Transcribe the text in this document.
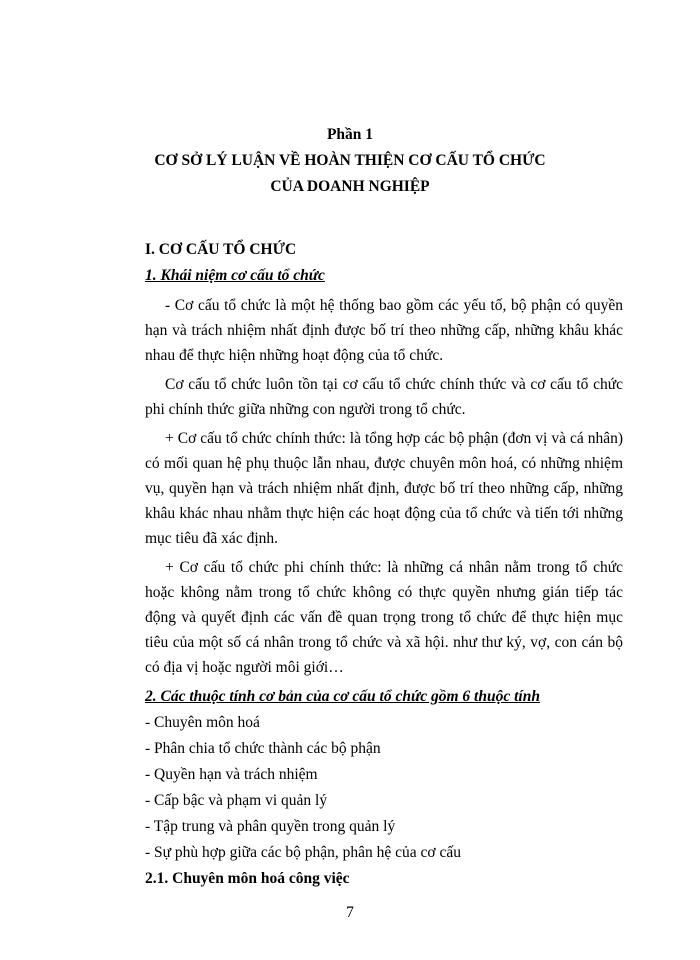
Phần 1
CƠ SỞ LÝ LUẬN VỀ HOÀN THIỆN CƠ CẤU TỔ CHỨC
CỦA DOANH NGHIỆP
I. CƠ CẤU TỔ CHỨC
1. Khái niệm cơ cấu tổ chức

- Cơ cấu tổ chức là một hệ thống bao gồm các yếu tố, bộ phận có quyền hạn và trách nhiệm nhất định được bố trí theo những cấp, những khâu khác nhau để thực hiện những hoạt động của tổ chức.

Cơ cấu tổ chức luôn tồn tại cơ cấu tổ chức chính thức và cơ cấu tổ chức phi chính thức giữa những con người trong tổ chức.

+ Cơ cấu tổ chức chính thức: là tổng hợp các bộ phận (đơn vị và cá nhân) có mối quan hệ phụ thuộc lẫn nhau, được chuyên môn hoá, có những nhiệm vụ, quyền hạn và trách nhiệm nhất định, được bố trí theo những cấp, những khâu khác nhau nhằm thực hiện các hoạt động của tổ chức và tiến tới những mục tiêu đã xác định.

+ Cơ cấu tổ chức phi chính thức: là những cá nhân nằm trong tổ chức hoặc không nằm trong tổ chức không có thực quyền nhưng gián tiếp tác động và quyết định các vấn đề quan trọng trong tổ chức để thực hiện mục tiêu của một số cá nhân trong tổ chức và xã hội. như thư ký, vợ, con cán bộ có địa vị hoặc người môi giới…

2. Các thuộc tính cơ bản của cơ cấu tổ chức gồm 6 thuộc tính
- Chuyên môn hoá
- Phân chia tổ chức thành các bộ phận
- Quyền hạn và trách nhiệm
- Cấp bậc và phạm vi quản lý
- Tập trung và phân quyền trong quản lý
- Sự phù hợp giữa các bộ phận, phân hệ của cơ cấu
2.1. Chuyên môn hoá công việc
7
